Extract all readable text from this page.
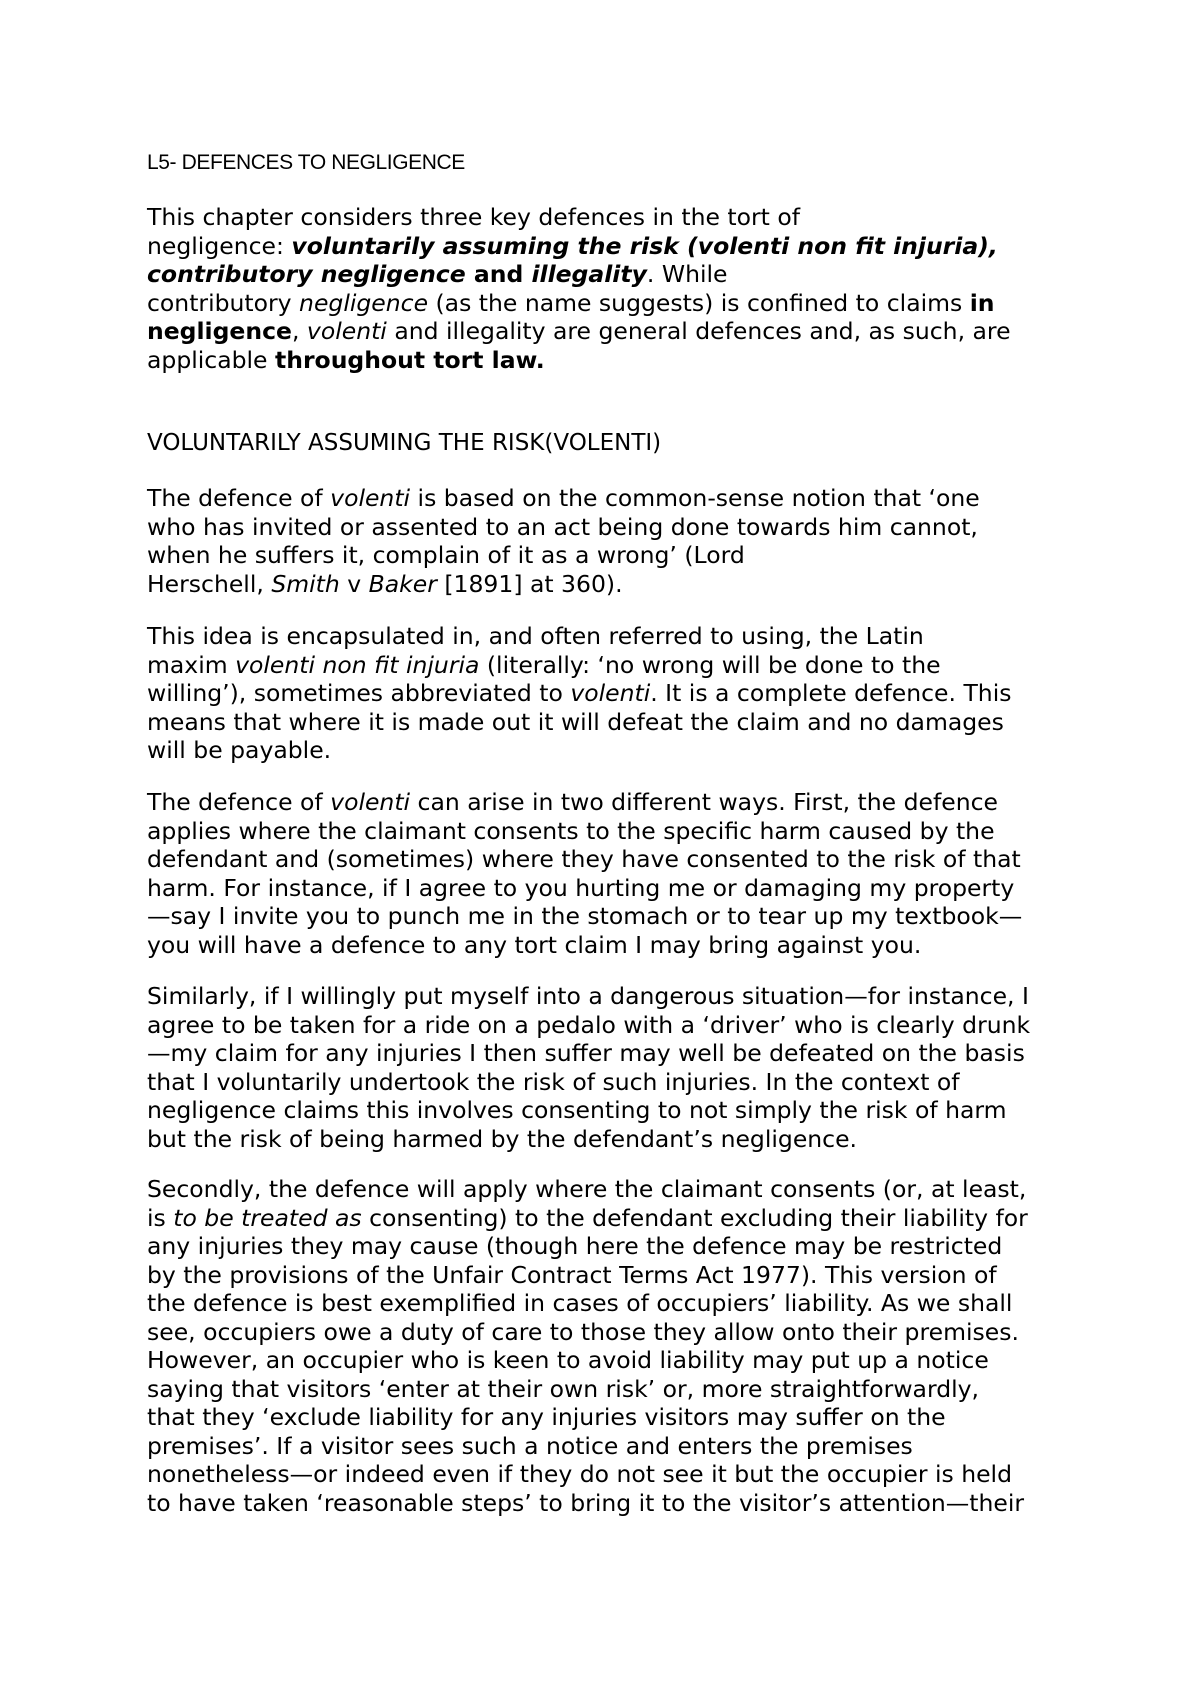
L5- DEFENCES TO NEGLIGENCE
This chapter considers three key defences in the tort of
negligence: voluntarily assuming the risk (volenti non fit injuria),
contributory negligence and illegality. While
contributory negligence (as the name suggests) is confined to claims in
negligence, volenti and illegality are general defences and, as such, are
applicable throughout tort law.
VOLUNTARILY ASSUMING THE RISK(VOLENTI)
The defence of volenti is based on the common-sense notion that ‘one
who has invited or assented to an act being done towards him cannot,
when he suffers it, complain of it as a wrong’ (Lord
Herschell, Smith v Baker [1891] at 360).
This idea is encapsulated in, and often referred to using, the Latin
maxim volenti non fit injuria (literally: ‘no wrong will be done to the
willing’), sometimes abbreviated to volenti. It is a complete defence. This
means that where it is made out it will defeat the claim and no damages
will be payable.
The defence of volenti can arise in two different ways. First, the defence
applies where the claimant consents to the specific harm caused by the
defendant and (sometimes) where they have consented to the risk of that
harm. For instance, if I agree to you hurting me or damaging my property
—say I invite you to punch me in the stomach or to tear up my textbook—
you will have a defence to any tort claim I may bring against you.
Similarly, if I willingly put myself into a dangerous situation—for instance, I
agree to be taken for a ride on a pedalo with a ‘driver’ who is clearly drunk
—my claim for any injuries I then suffer may well be defeated on the basis
that I voluntarily undertook the risk of such injuries. In the context of
negligence claims this involves consenting to not simply the risk of harm
but the risk of being harmed by the defendant’s negligence.
Secondly, the defence will apply where the claimant consents (or, at least,
is to be treated as consenting) to the defendant excluding their liability for
any injuries they may cause (though here the defence may be restricted
by the provisions of the Unfair Contract Terms Act 1977). This version of
the defence is best exemplified in cases of occupiers’ liability. As we shall
see, occupiers owe a duty of care to those they allow onto their premises.
However, an occupier who is keen to avoid liability may put up a notice
saying that visitors ‘enter at their own risk’ or, more straightforwardly,
that they ‘exclude liability for any injuries visitors may suffer on the
premises’. If a visitor sees such a notice and enters the premises
nonetheless—or indeed even if they do not see it but the occupier is held
to have taken ‘reasonable steps’ to bring it to the visitor’s attention—their
